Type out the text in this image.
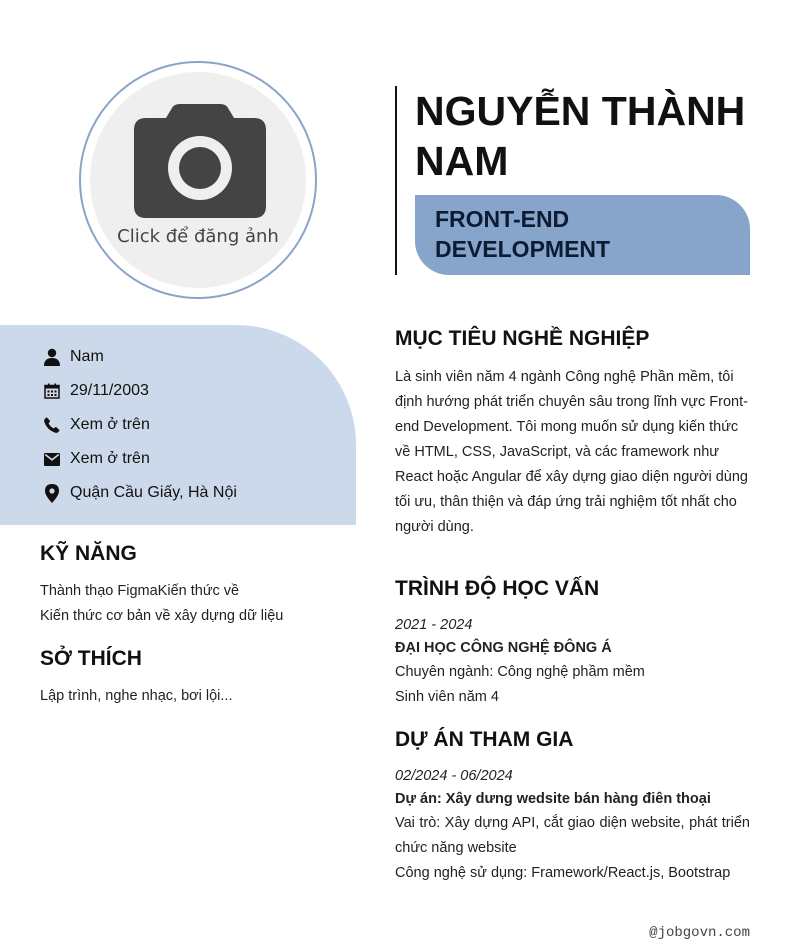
Click để đăng ảnh
Nam
29/11/2003
Xem ở trên
Xem ở trên
Quận Cầu Giấy, Hà Nội
KỸ NĂNG
Thành thạo FigmaKiến thức về
Kiến thức cơ bản về xây dựng dữ liệu
SỞ THÍCH
Lập trình, nghe nhạc, bơi lội...
NGUYỄN THÀNH NAM
FRONT-END DEVELOPMENT
MỤC TIÊU NGHỀ NGHIỆP
Là sinh viên năm 4 ngành Công nghệ Phần mềm, tôi định hướng phát triển chuyên sâu trong lĩnh vực Front-end Development. Tôi mong muốn sử dụng kiến thức về HTML, CSS, JavaScript, và các framework như React hoặc Angular để xây dựng giao diện người dùng tối ưu, thân thiện và đáp ứng trải nghiệm tốt nhất cho người dùng.
TRÌNH ĐỘ HỌC VẤN
2021 - 2024
ĐẠI HỌC CÔNG NGHỆ ĐÔNG Á
Chuyên ngành: Công nghệ phầm mềm
Sinh viên năm 4
DỰ ÁN THAM GIA
02/2024 - 06/2024
Dự án: Xây dưng wedsite bán hàng điên thoại
Vai trò: Xây dựng API, cắt giao diện website, phát triển chức năng website
Công nghệ sử dụng: Framework/React.js, Bootstrap
@jobgovn.com
